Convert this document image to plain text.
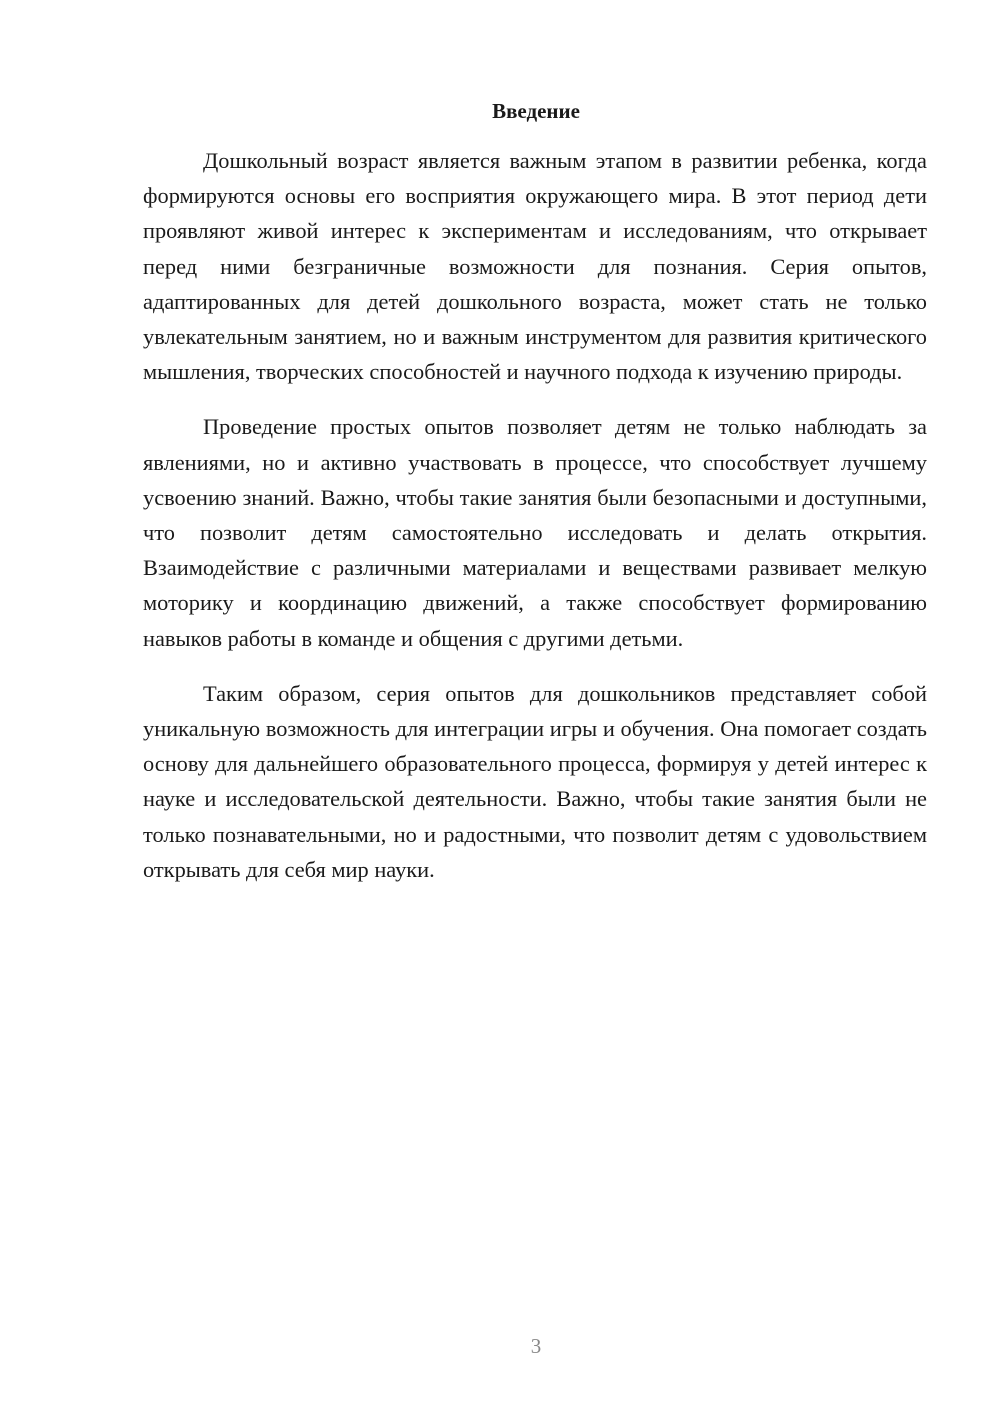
Введение

Дошкольный возраст является важным этапом в развитии ребенка, когда формируются основы его восприятия окружающего мира. В этот период дети проявляют живой интерес к экспериментам и исследованиям, что открывает перед ними безграничные возможности для познания. Серия опытов, адаптированных для детей дошкольного возраста, может стать не только увлекательным занятием, но и важным инструментом для развития критического мышления, творческих способностей и научного подхода к изучению природы.

Проведение простых опытов позволяет детям не только наблюдать за явлениями, но и активно участвовать в процессе, что способствует лучшему усвоению знаний. Важно, чтобы такие занятия были безопасными и доступными, что позволит детям самостоятельно исследовать и делать открытия. Взаимодействие с различными материалами и веществами развивает мелкую моторику и координацию движений, а также способствует формированию навыков работы в команде и общения с другими детьми.

Таким образом, серия опытов для дошкольников представляет собой уникальную возможность для интеграции игры и обучения. Она помогает создать основу для дальнейшего образовательного процесса, формируя у детей интерес к науке и исследовательской деятельности. Важно, чтобы такие занятия были не только познавательными, но и радостными, что позволит детям с удовольствием открывать для себя мир науки.

3
